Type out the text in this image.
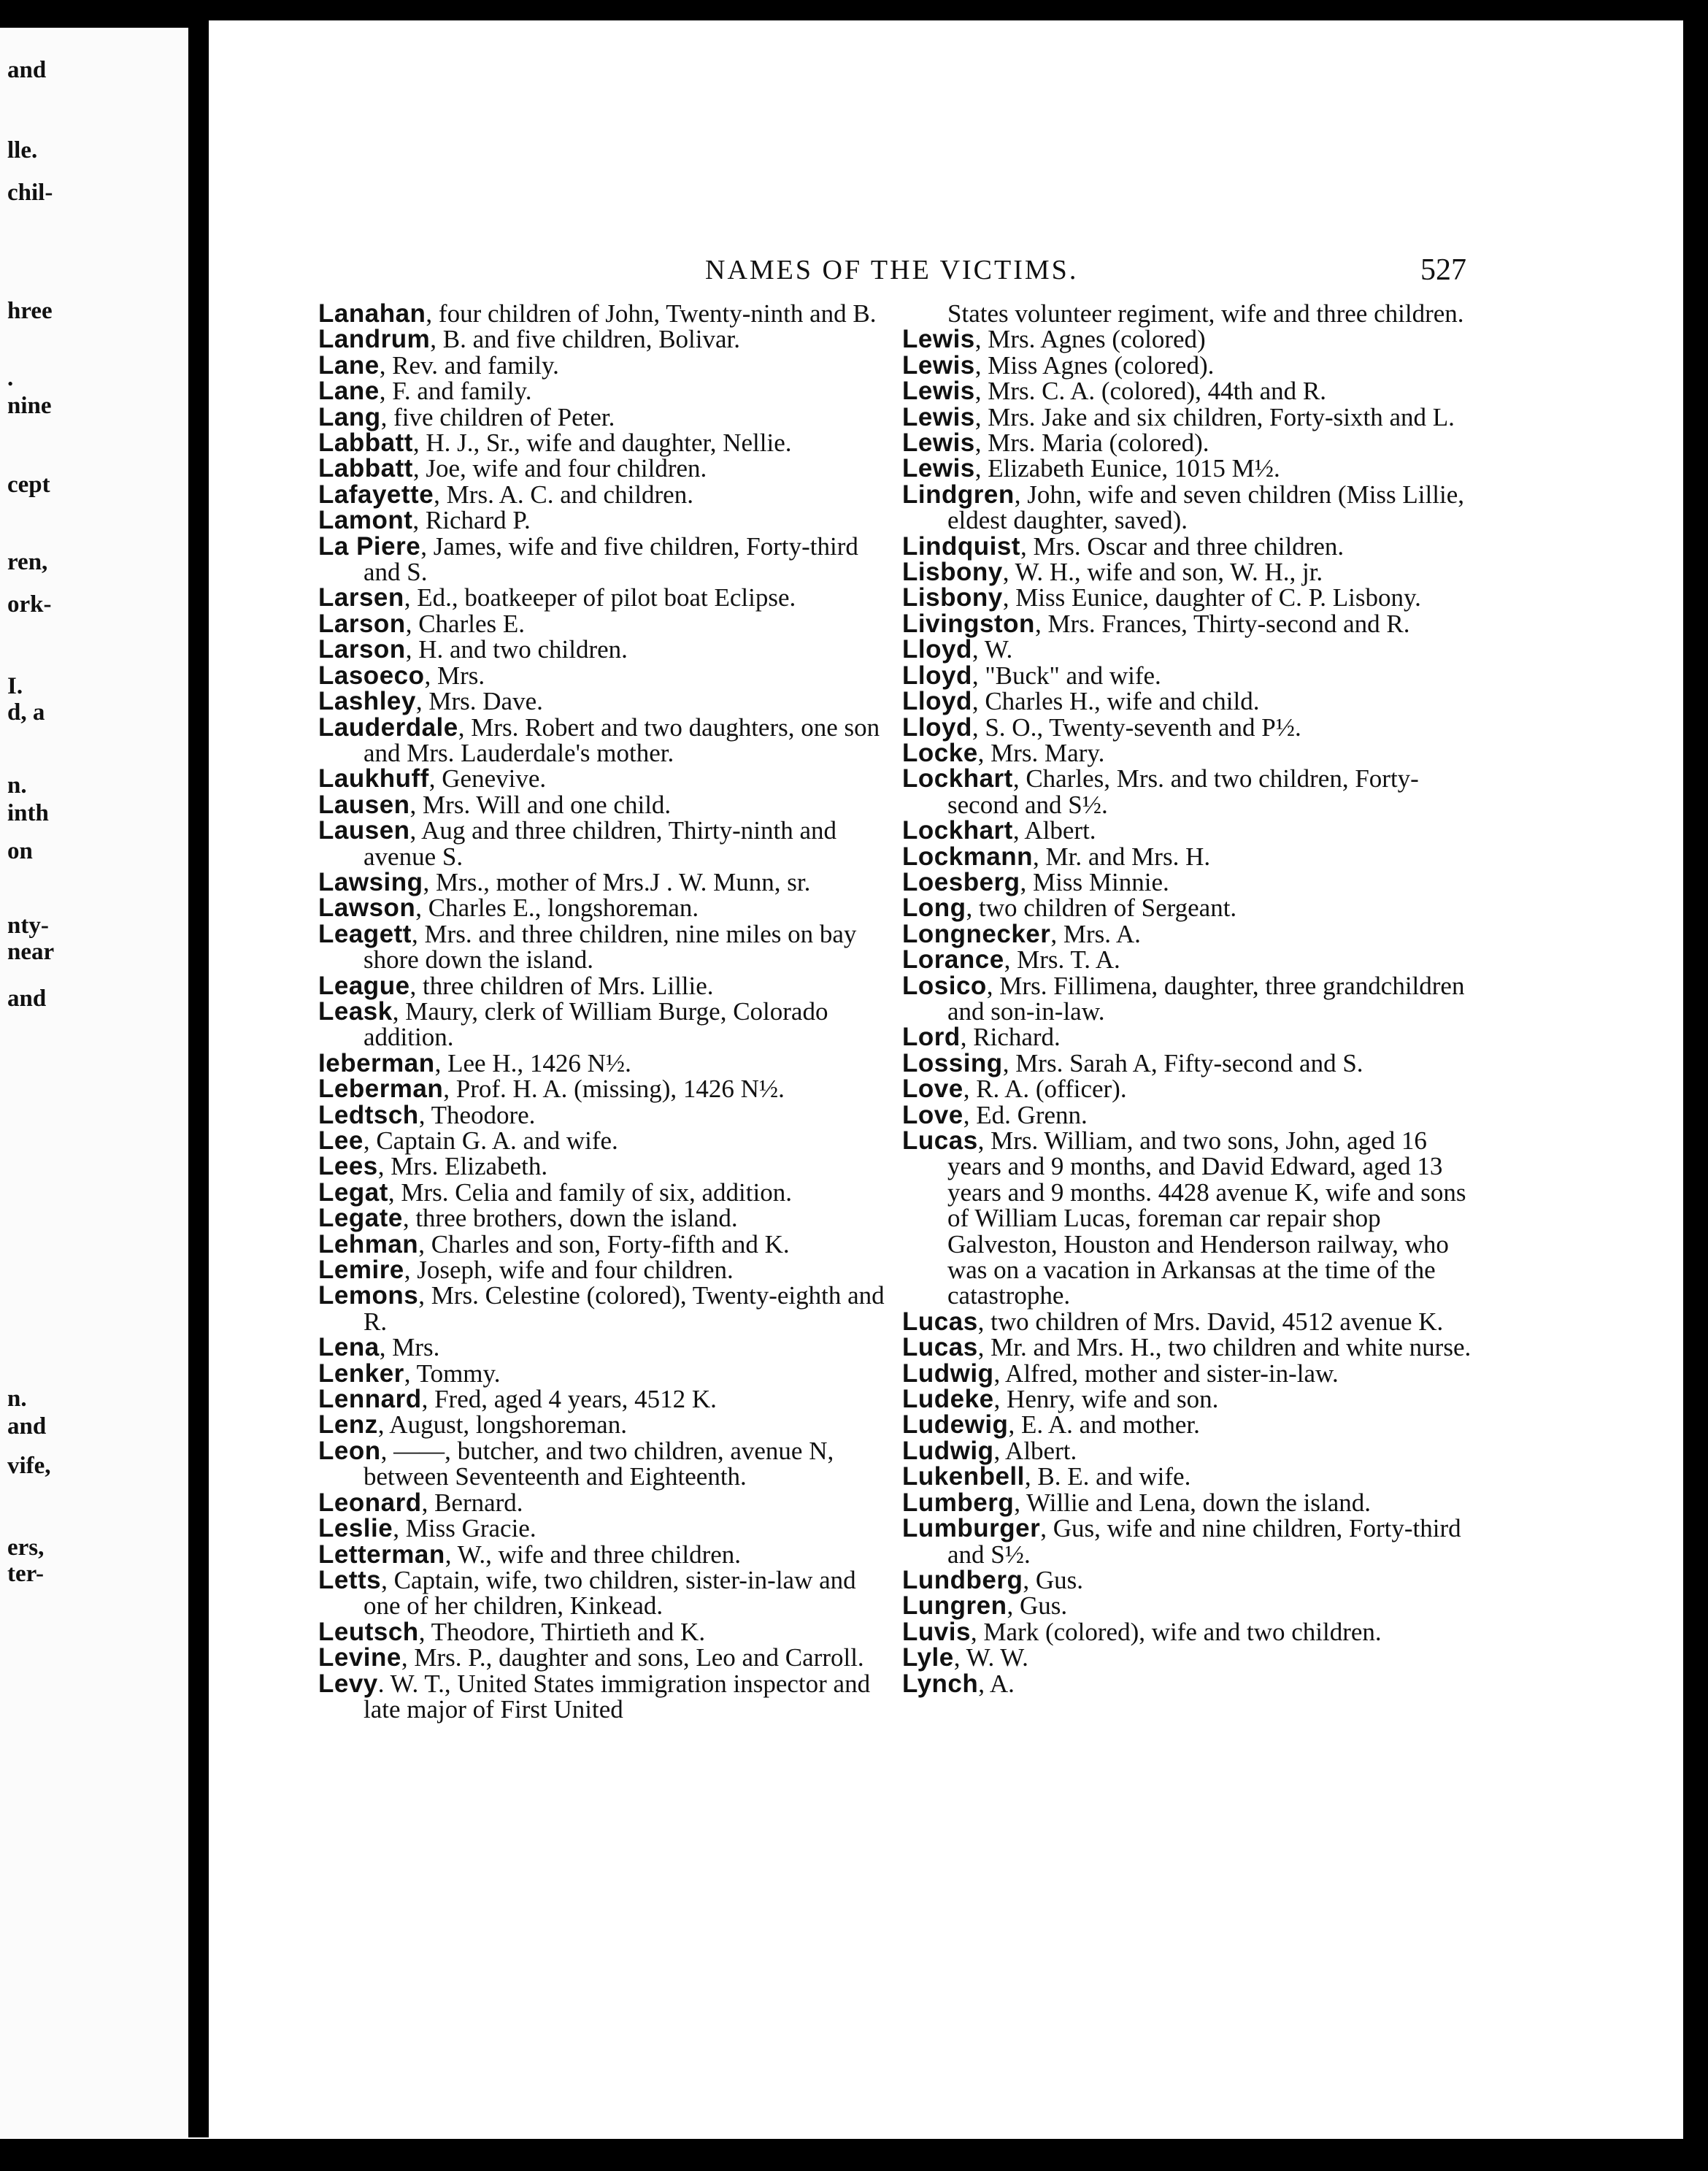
and
lle.
chil-
hree
.
nine
cept
ren,
ork-
I.
d, a
n.
inth
on
nty-
near
and
n.
and
vife,
ers,
ter-
NAMES OF THE VICTIMS.	527

Lanahan, four children of John, Twenty-ninth and B.

Landrum, B. and five children, Bolivar.

Lane, Rev. and family.

Lane, F. and family.

Lang, five children of Peter.

Labbatt, H. J., Sr., wife and daughter, Nellie.

Labbatt, Joe, wife and four children.

Lafayette, Mrs. A. C. and children.

Lamont, Richard P.

La Piere, James, wife and five children, Forty-third and S.

Larsen, Ed., boatkeeper of pilot boat Eclipse.

Larson, Charles E.

Larson, H. and two children.

Lasoeco, Mrs.

Lashley, Mrs. Dave.

Lauderdale, Mrs. Robert and two daughters, one son and Mrs. Lauderdale's mother.

Laukhuff, Genevive.

Lausen, Mrs. Will and one child.

Lausen, Aug and three children, Thirty-ninth and avenue S.

Lawsing, Mrs., mother of Mrs.J . W. Munn, sr.

Lawson, Charles E., longshoreman.

Leagett, Mrs. and three children, nine miles on bay shore down the island.

League, three children of Mrs. Lillie.

Leask, Maury, clerk of William Burge, Colorado addition.

Ieberman, Lee H., 1426 N½.

Leberman, Prof. H. A. (missing), 1426 N½.

Ledtsch, Theodore.

Lee, Captain G. A. and wife.

Lees, Mrs. Elizabeth.

Legat, Mrs. Celia and family of six, addition.

Legate, three brothers, down the island.

Lehman, Charles and son, Forty-fifth and K.

Lemire, Joseph, wife and four children.

Lemons, Mrs. Celestine (colored), Twenty-eighth and R.

Lena, Mrs.

Lenker, Tommy.

Lennard, Fred, aged 4 years, 4512 K.

Lenz, August, longshoreman.

Leon, ——, butcher, and two children, avenue N, between Seventeenth and Eighteenth.

Leonard, Bernard.

Leslie, Miss Gracie.

Letterman, W., wife and three children.

Letts, Captain, wife, two children, sister-in-law and one of her children, Kinkead.

Leutsch, Theodore, Thirtieth and K.

Levine, Mrs. P., daughter and sons, Leo and Carroll.

Levy. W. T., United States immigration inspector and late major of First United

States volunteer regiment, wife and three children.

Lewis, Mrs. Agnes (colored)

Lewis, Miss Agnes (colored).

Lewis, Mrs. C. A. (colored), 44th and R.

Lewis, Mrs. Jake and six children, Forty-sixth and L.

Lewis, Mrs. Maria (colored).

Lewis, Elizabeth Eunice, 1015 M½.

Lindgren, John, wife and seven children (Miss Lillie, eldest daughter, saved).

Lindquist, Mrs. Oscar and three children.

Lisbony, W. H., wife and son, W. H., jr.

Lisbony, Miss Eunice, daughter of C. P. Lisbony.

Livingston, Mrs. Frances, Thirty-second and R.

Lloyd, W.

Lloyd, "Buck" and wife.

Lloyd, Charles H., wife and child.

Lloyd, S. O., Twenty-seventh and P½.

Locke, Mrs. Mary.

Lockhart, Charles, Mrs. and two children, Forty-second and S½.

Lockhart, Albert.

Lockmann, Mr. and Mrs. H.

Loesberg, Miss Minnie.

Long, two children of Sergeant.

Longnecker, Mrs. A.

Lorance, Mrs. T. A.

Losico, Mrs. Fillimena, daughter, three grandchildren and son-in-law.

Lord, Richard.

Lossing, Mrs. Sarah A, Fifty-second and S.

Love, R. A. (officer).

Love, Ed. Grenn.

Lucas, Mrs. William, and two sons, John, aged 16 years and 9 months, and David Edward, aged 13 years and 9 months. 4428 avenue K, wife and sons of William Lucas, foreman car repair shop Galveston, Houston and Henderson railway, who was on a vacation in Arkansas at the time of the catastrophe.

Lucas, two children of Mrs. David, 4512 avenue K.

Lucas, Mr. and Mrs. H., two children and white nurse.

Ludwig, Alfred, mother and sister-in-law.

Ludeke, Henry, wife and son.

Ludewig, E. A. and mother.

Ludwig, Albert.

Lukenbell, B. E. and wife.

Lumberg, Willie and Lena, down the island.

Lumburger, Gus, wife and nine children, Forty-third and S½.

Lundberg, Gus.

Lungren, Gus.

Luvis, Mark (colored), wife and two children.

Lyle, W. W.

Lynch, A.
